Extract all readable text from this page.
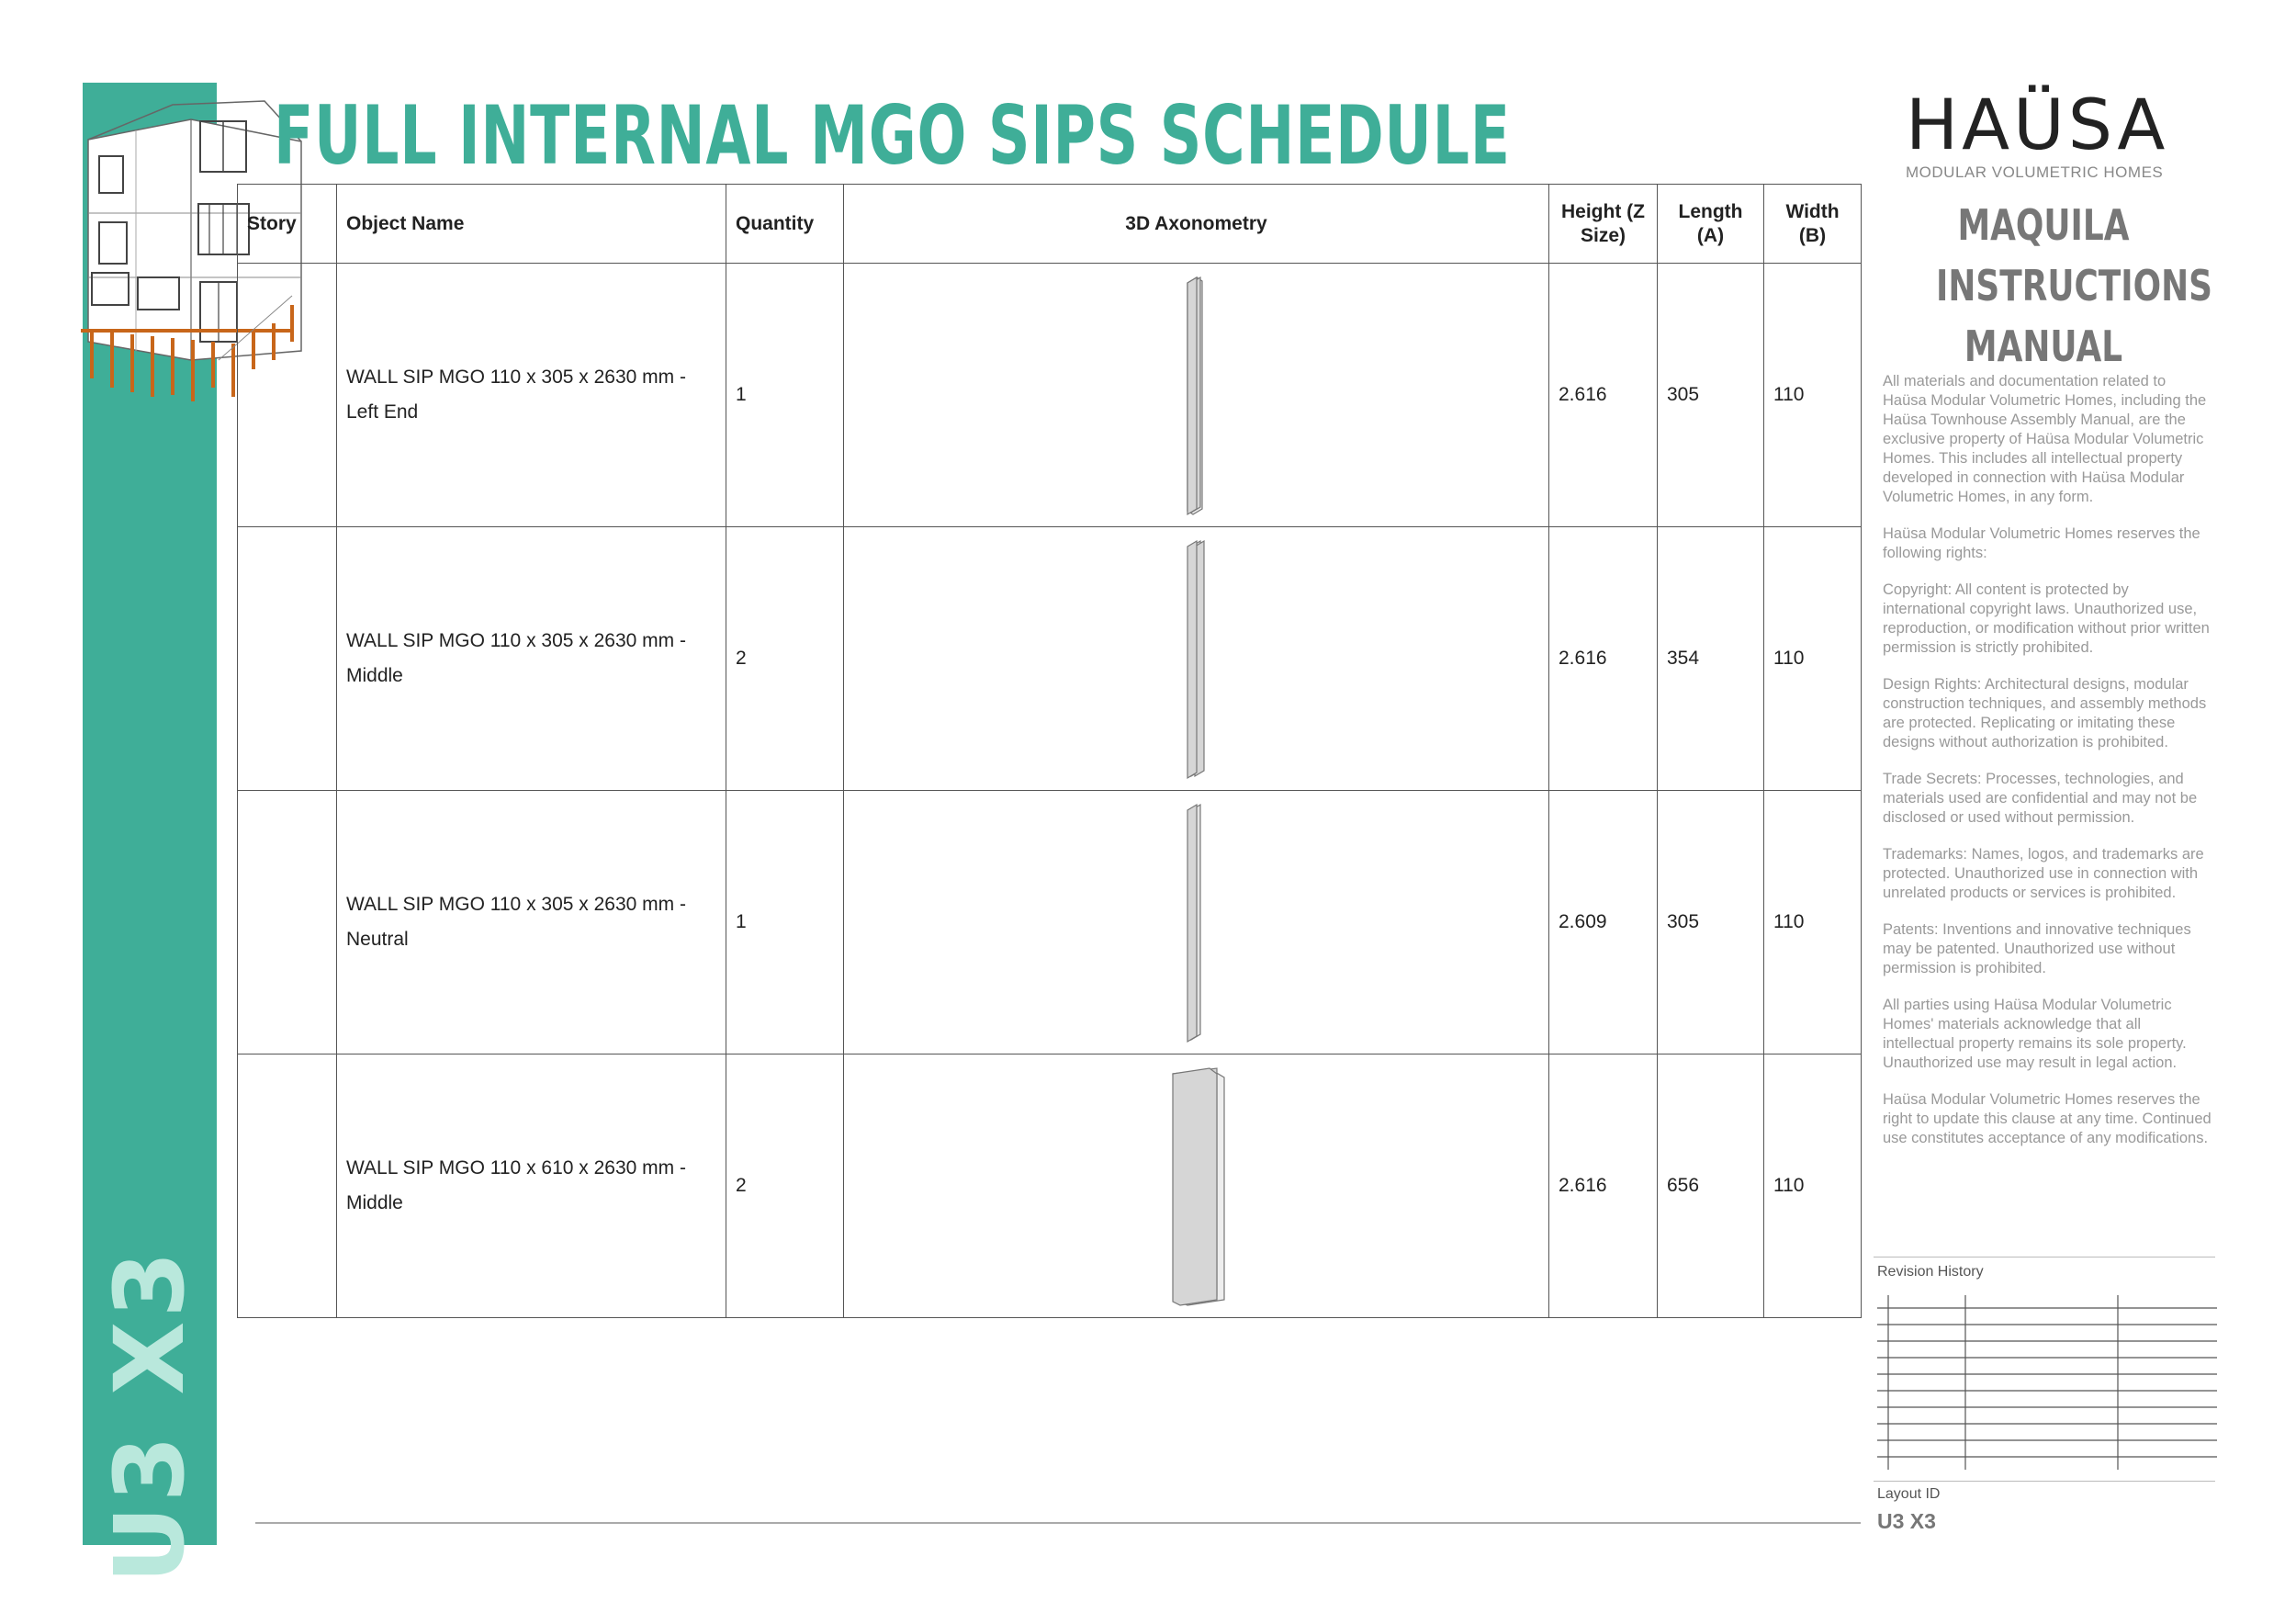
U3 X3
FULL INTERNAL MGO SIPS SCHEDULE
Story	Object Name	Quantity	3D Axonometry	Height (Z Size)	Length (A)	Width (B)
	WALL SIP MGO 110 x 305 x 2630 mm - Left End	1		2.616	305	110
	WALL SIP MGO 110 x 305 x 2630 mm - Middle	2		2.616	354	110
	WALL SIP MGO 110 x 305 x 2630 mm - Neutral	1		2.609	305	110
	WALL SIP MGO 110 x 610 x 2630 mm - Middle	2		2.616	656	110
HAÜSA
MODULAR VOLUMETRIC HOMES
MAQUILA
INSTRUCTIONS
MANUAL

All materials and documentation related to Haüsa Modular Volumetric Homes, including the Haüsa Townhouse Assembly Manual, are the exclusive property of Haüsa Modular Volumetric Homes. This includes all intellectual property developed in connection with Haüsa Modular Volumetric Homes, in any form.

Haüsa Modular Volumetric Homes reserves the following rights:

Copyright: All content is protected by international copyright laws. Unauthorized use, reproduction, or modification without prior written permission is strictly prohibited.

Design Rights: Architectural designs, modular construction techniques, and assembly methods are protected. Replicating or imitating these designs without authorization is prohibited.

Trade Secrets: Processes, technologies, and materials used are confidential and may not be disclosed or used without permission.

Trademarks: Names, logos, and trademarks are protected. Unauthorized use in connection with unrelated products or services is prohibited.

Patents: Inventions and innovative techniques may be patented. Unauthorized use without permission is prohibited.

All parties using Haüsa Modular Volumetric Homes' materials acknowledge that all intellectual property remains its sole property. Unauthorized use may result in legal action.

Haüsa Modular Volumetric Homes reserves the right to update this clause at any time. Continued use constitutes acceptance of any modifications.

Revision History
Layout ID
U3 X3
